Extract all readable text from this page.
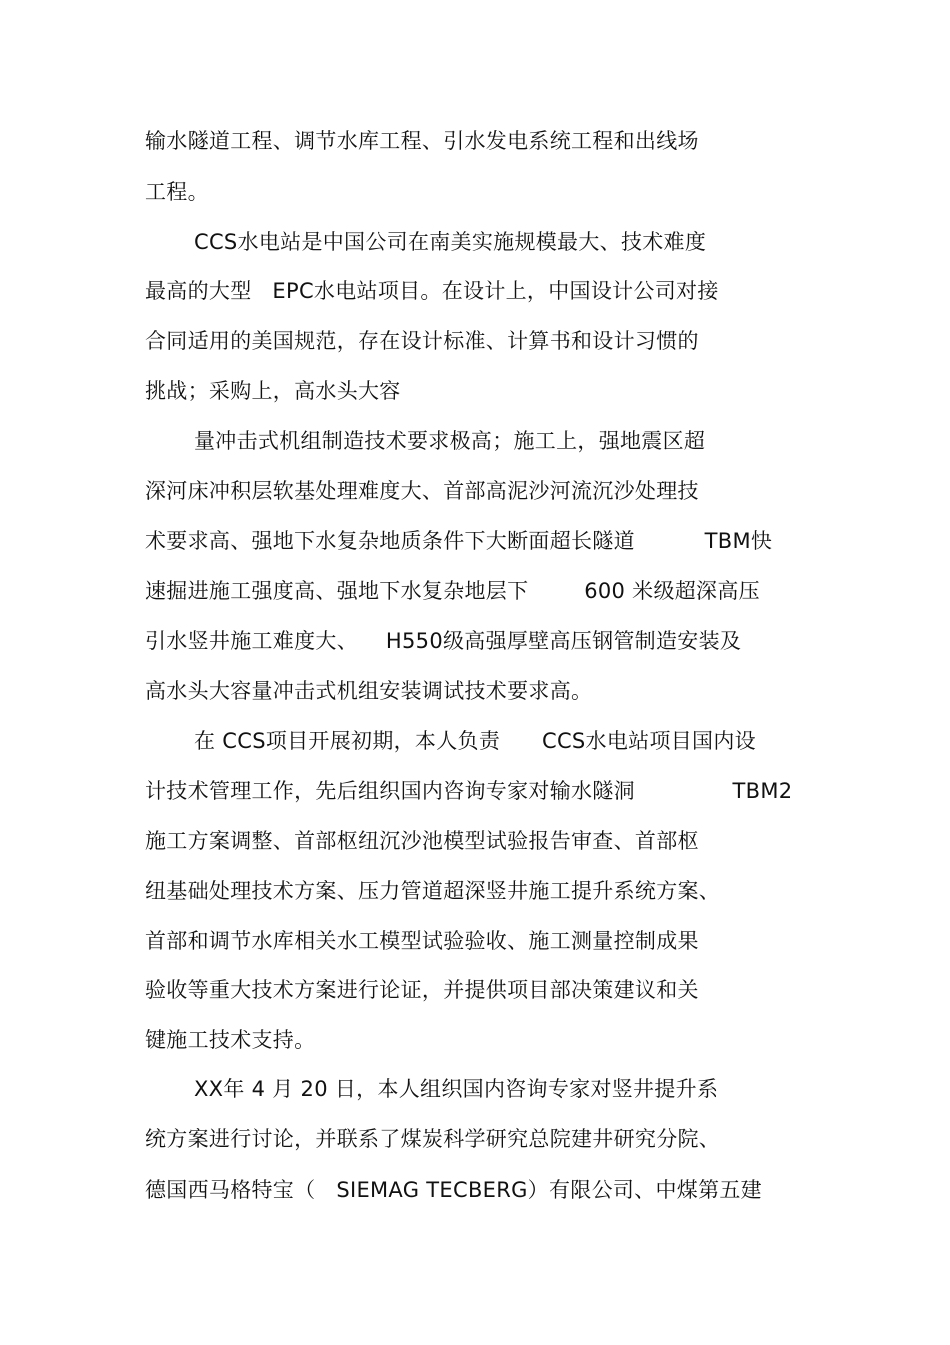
输水隧道工程、调节水库工程、引水发电系统工程和出线场
工程。
CCS水电站是中国公司在南美实施规模最大、技术难度
最高的大型   EPC水电站项目。在设计上，中国设计公司对接
合同适用的美国规范，存在设计标准、计算书和设计习惯的
挑战；采购上，高水头大容
量冲击式机组制造技术要求极高；施工上，强地震区超
深河床冲积层软基处理难度大、首部高泥沙河流沉沙处理技
术要求高、强地下水复杂地质条件下大断面超长隧道          TBM快
速掘进施工强度高、强地下水复杂地层下        600 米级超深高压
引水竖井施工难度大、    H550级高强厚壁高压钢管制造安装及
高水头大容量冲击式机组安装调试技术要求高。
在 CCS项目开展初期，本人负责      CCS水电站项目国内设
计技术管理工作，先后组织国内咨询专家对输水隧洞              TBM2
施工方案调整、首部枢纽沉沙池模型试验报告审查、首部枢
纽基础处理技术方案、压力管道超深竖井施工提升系统方案、
首部和调节水库相关水工模型试验验收、施工测量控制成果
验收等重大技术方案进行论证，并提供项目部决策建议和关
键施工技术支持。
XX年 4 月 20 日，本人组织国内咨询专家对竖井提升系
统方案进行讨论，并联系了煤炭科学研究总院建井研究分院、
德国西马格特宝（   SIEMAG TECBERG）有限公司、中煤第五建
